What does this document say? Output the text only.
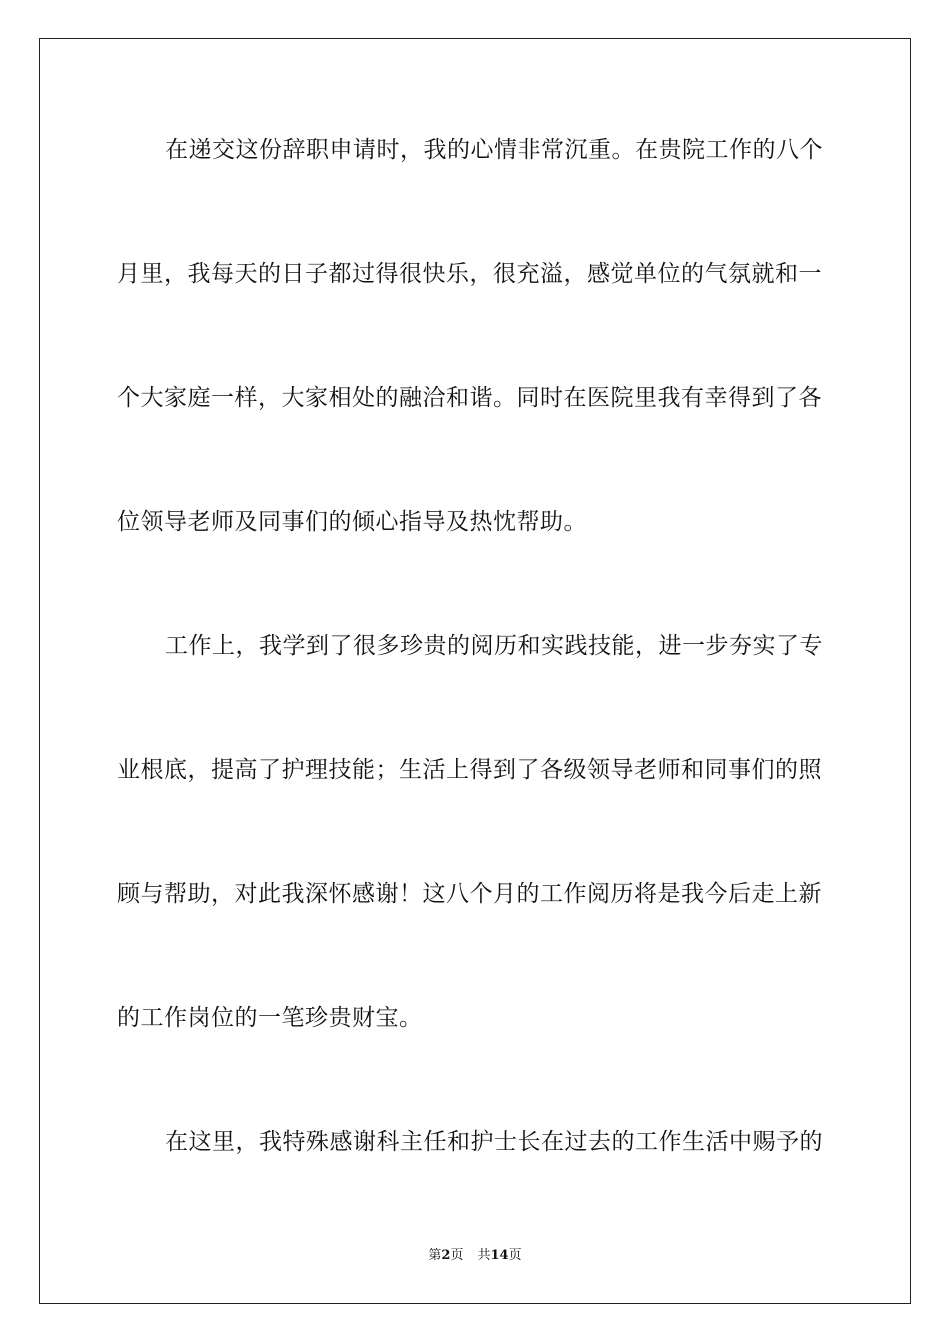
在递交这份辞职申请时，我的心情非常沉重。在贵院工作的八个
月里，我每天的日子都过得很快乐，很充溢，感觉单位的气氛就和一
个大家庭一样，大家相处的融洽和谐。同时在医院里我有幸得到了各
位领导老师及同事们的倾心指导及热忱帮助。
工作上，我学到了很多珍贵的阅历和实践技能，进一步夯实了专
业根底，提高了护理技能；生活上得到了各级领导老师和同事们的照
顾与帮助，对此我深怀感谢！这八个月的工作阅历将是我今后走上新
的工作岗位的一笔珍贵财宝。
在这里，我特殊感谢科主任和护士长在过去的工作生活中赐予的
第2页 共14页
